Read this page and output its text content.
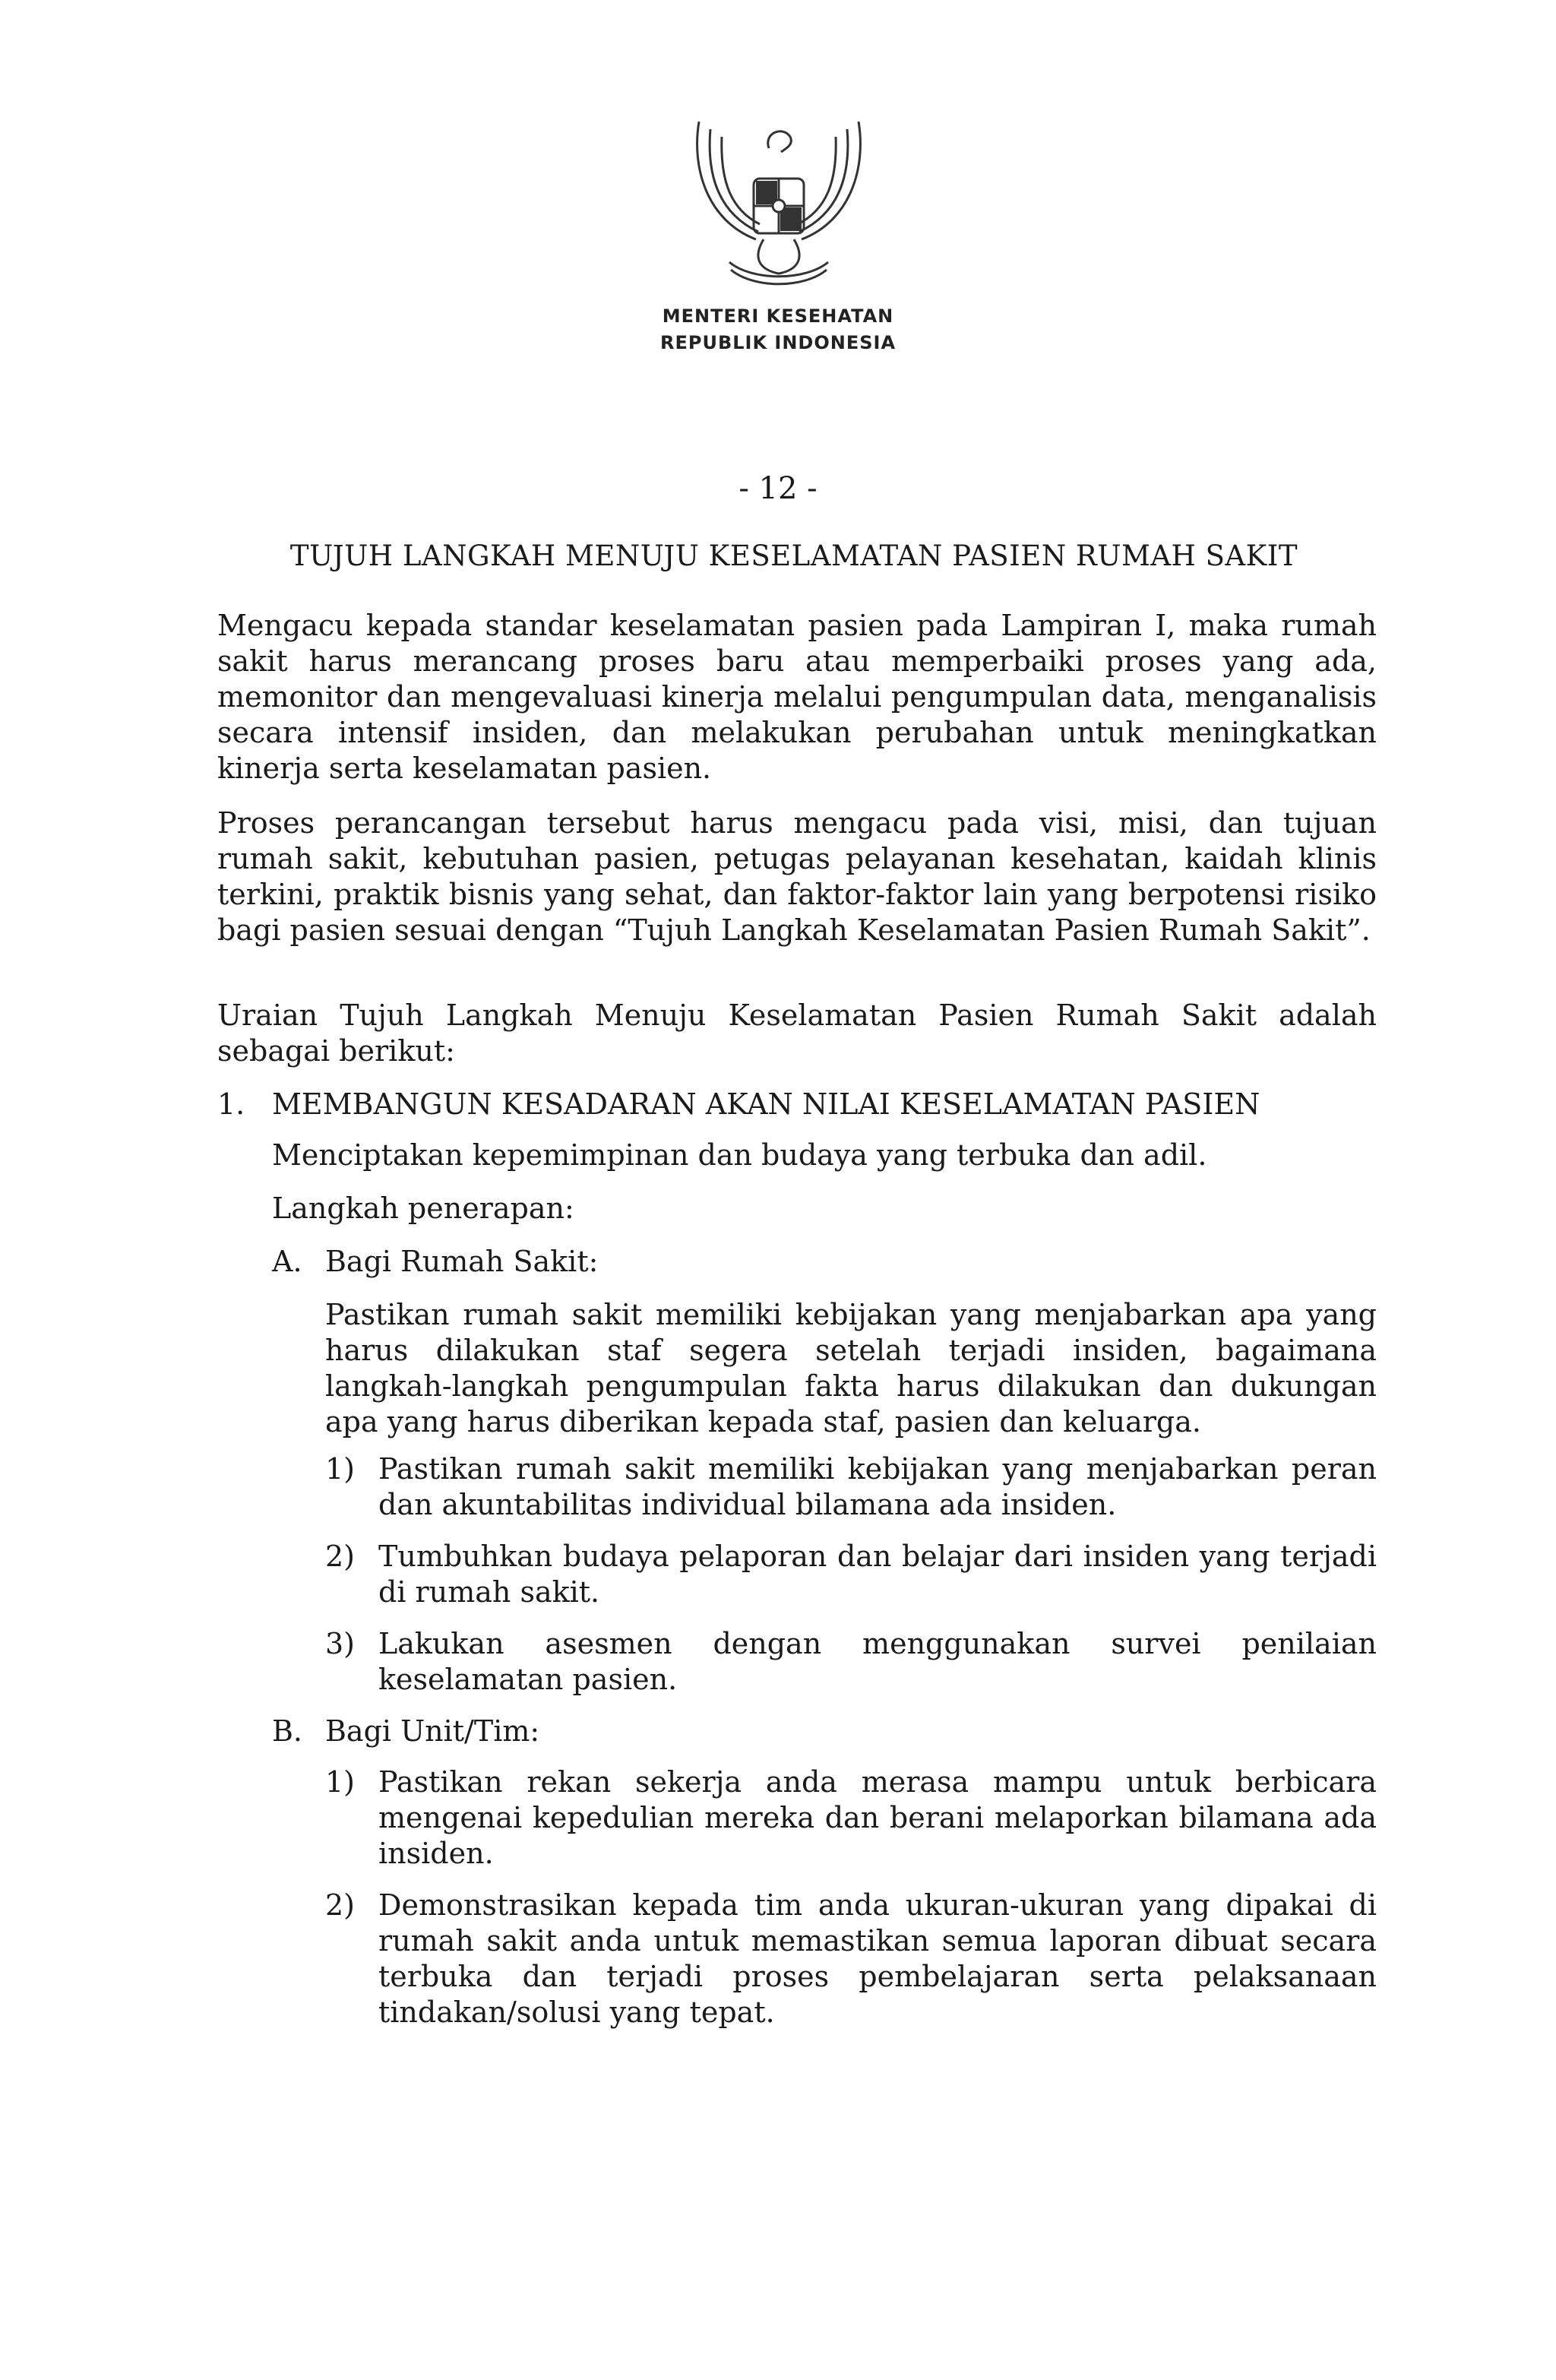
MENTERI KESEHATAN
REPUBLIK INDONESIA
- 12 -
TUJUH LANGKAH MENUJU KESELAMATAN PASIEN RUMAH SAKIT
Mengacu kepada standar keselamatan pasien pada Lampiran I, maka rumah sakit harus merancang proses baru atau memperbaiki proses yang ada, memonitor dan mengevaluasi kinerja melalui pengumpulan data, menganalisis secara intensif insiden, dan melakukan perubahan untuk meningkatkan kinerja serta keselamatan pasien.
Proses perancangan tersebut harus mengacu pada visi, misi, dan tujuan rumah sakit, kebutuhan pasien, petugas pelayanan kesehatan, kaidah klinis terkini, praktik bisnis yang sehat, dan faktor-faktor lain yang berpotensi risiko bagi pasien sesuai dengan “Tujuh Langkah Keselamatan Pasien Rumah Sakit”.
Uraian Tujuh Langkah Menuju Keselamatan Pasien Rumah Sakit adalah sebagai berikut:
1. MEMBANGUN KESADARAN AKAN NILAI KESELAMATAN PASIEN
Menciptakan kepemimpinan dan budaya yang terbuka dan adil.
Langkah penerapan:
A. Bagi Rumah Sakit:
Pastikan rumah sakit memiliki kebijakan yang menjabarkan apa yang harus dilakukan staf segera setelah terjadi insiden, bagaimana langkah-langkah pengumpulan fakta harus dilakukan dan dukungan apa yang harus diberikan kepada staf, pasien dan keluarga.
1) Pastikan rumah sakit memiliki kebijakan yang menjabarkan peran dan akuntabilitas individual bilamana ada insiden.
2) Tumbuhkan budaya pelaporan dan belajar dari insiden yang terjadi di rumah sakit.
3) Lakukan asesmen dengan menggunakan survei penilaian keselamatan pasien.
B. Bagi Unit/Tim:
1) Pastikan rekan sekerja anda merasa mampu untuk berbicara mengenai kepedulian mereka dan berani melaporkan bilamana ada insiden.
2) Demonstrasikan kepada tim anda ukuran-ukuran yang dipakai di rumah sakit anda untuk memastikan semua laporan dibuat secara terbuka dan terjadi proses pembelajaran serta pelaksanaan tindakan/solusi yang tepat.
